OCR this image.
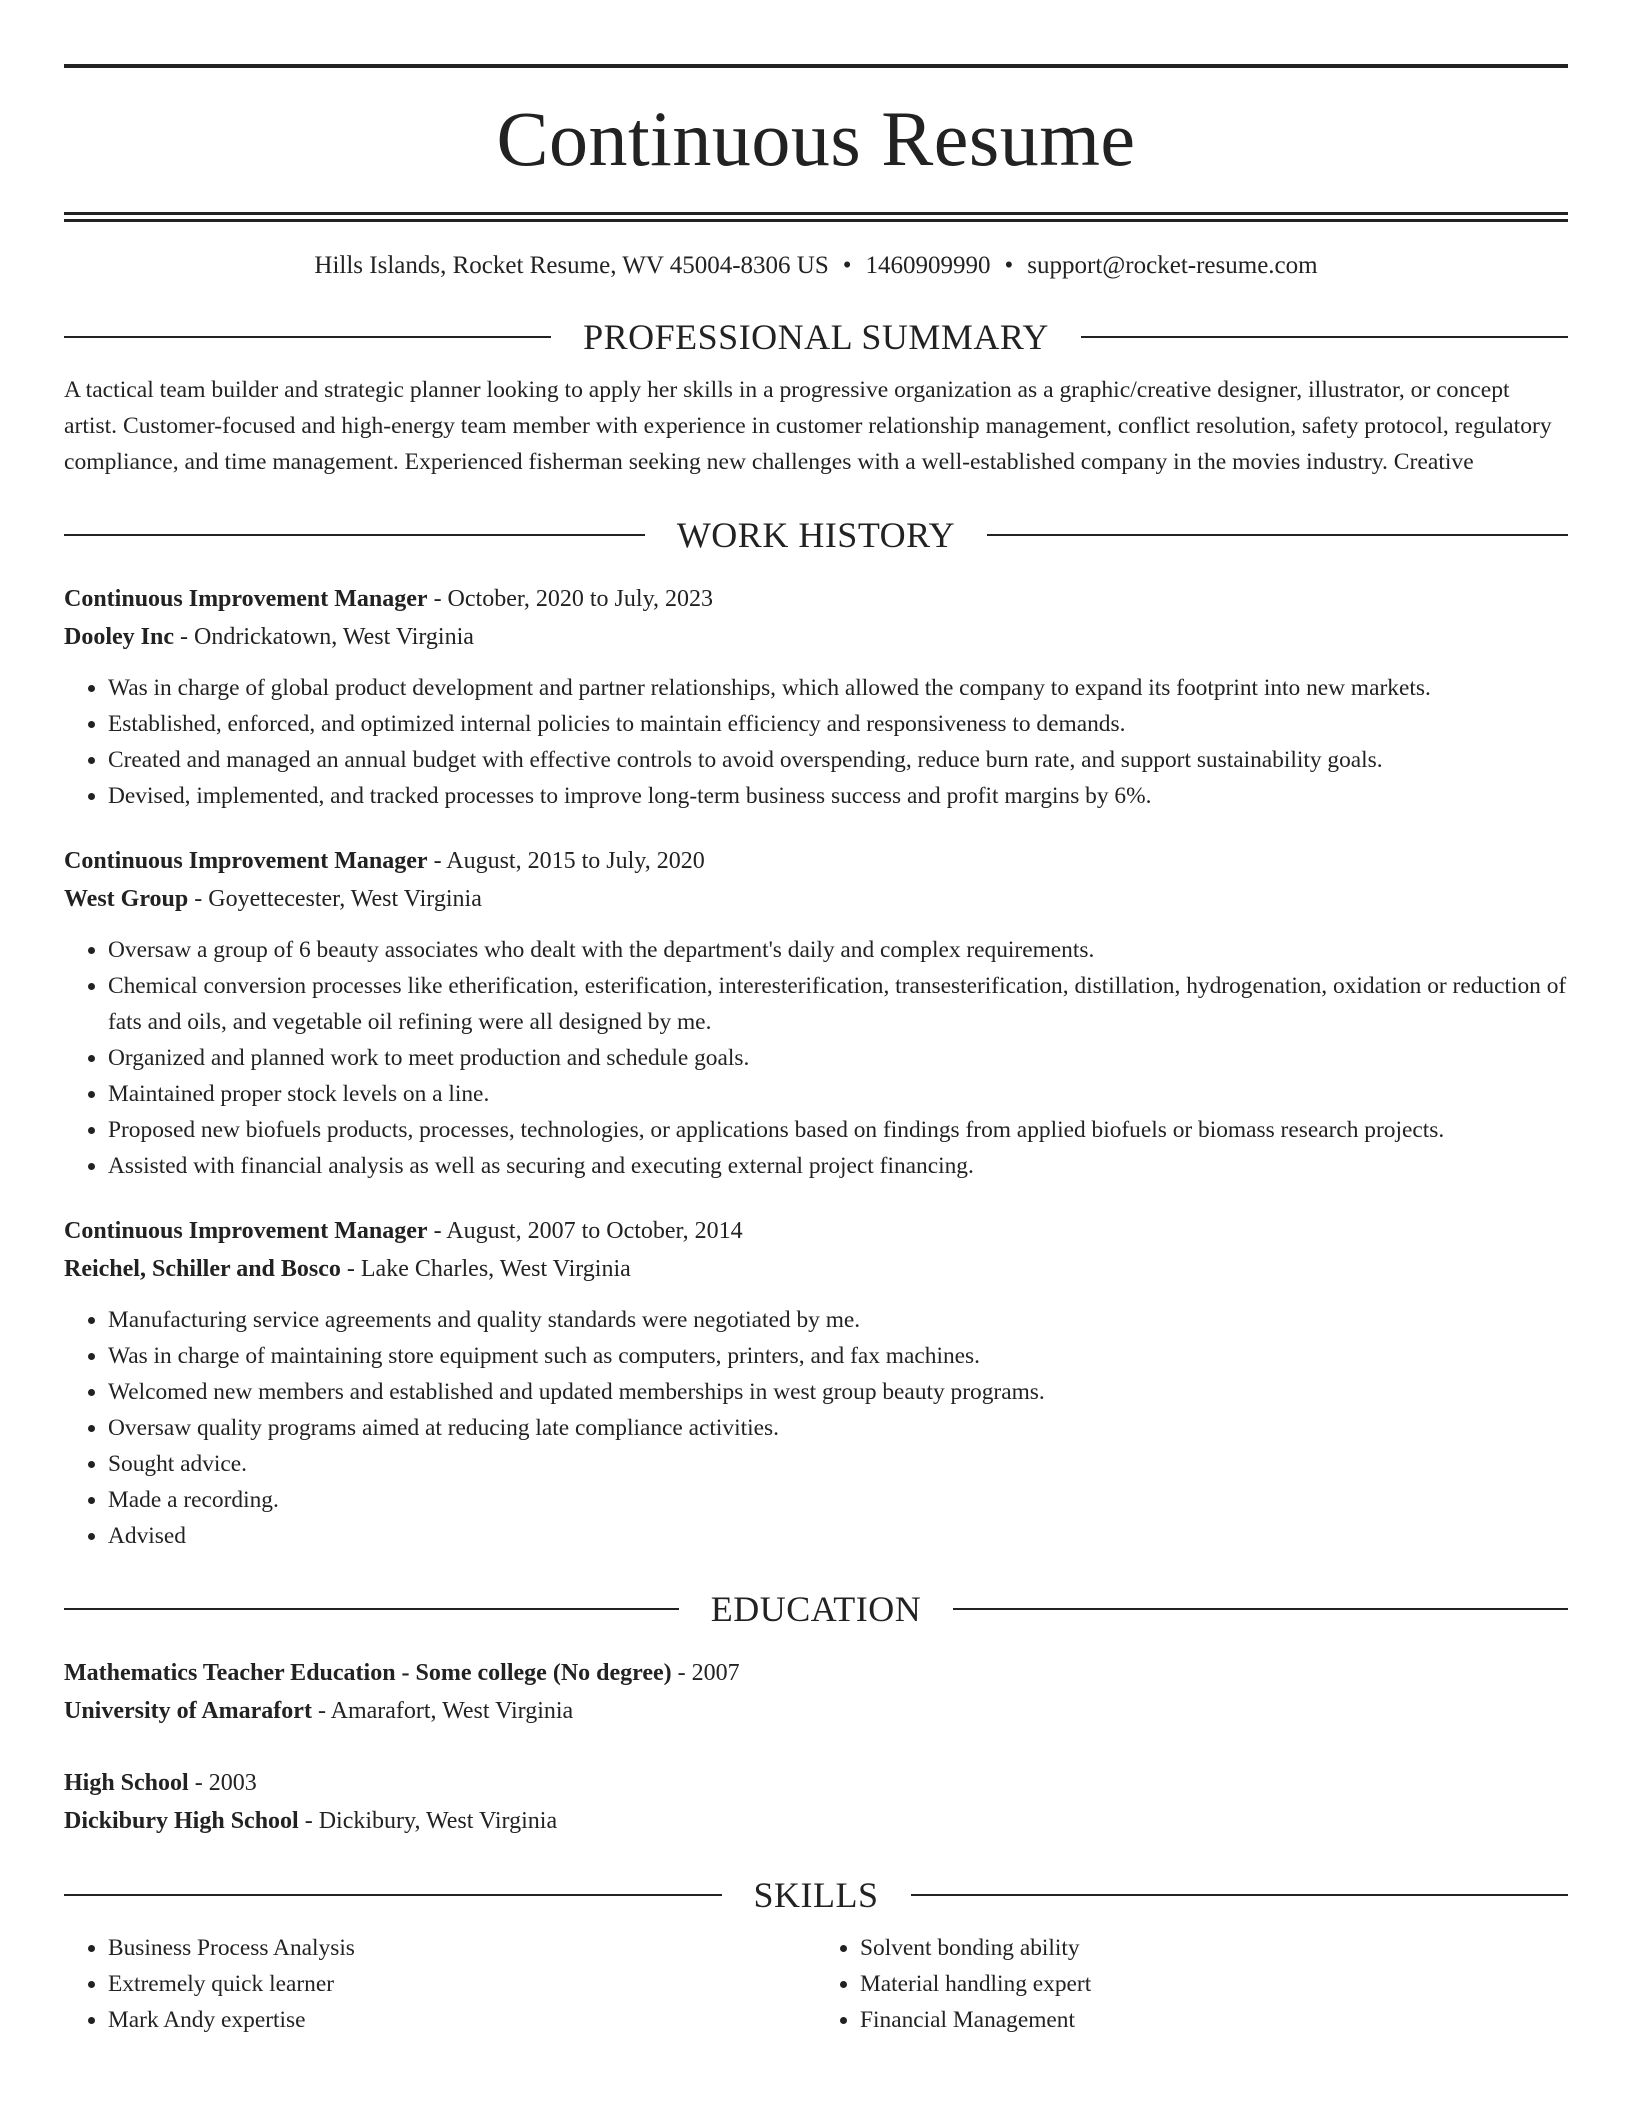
Continuous Resume
Hills Islands, Rocket Resume, WV 45004-8306 US • 1460909990 • support@rocket-resume.com
PROFESSIONAL SUMMARY
A tactical team builder and strategic planner looking to apply her skills in a progressive organization as a graphic/creative designer, illustrator, or concept artist. Customer-focused and high-energy team member with experience in customer relationship management, conflict resolution, safety protocol, regulatory compliance, and time management. Experienced fisherman seeking new challenges with a well-established company in the movies industry. Creative
WORK HISTORY
Continuous Improvement Manager - October, 2020 to July, 2023
Dooley Inc - Ondrickatown, West Virginia
• Was in charge of global product development and partner relationships, which allowed the company to expand its footprint into new markets.
• Established, enforced, and optimized internal policies to maintain efficiency and responsiveness to demands.
• Created and managed an annual budget with effective controls to avoid overspending, reduce burn rate, and support sustainability goals.
• Devised, implemented, and tracked processes to improve long-term business success and profit margins by 6%.
Continuous Improvement Manager - August, 2015 to July, 2020
West Group - Goyettecester, West Virginia
• Oversaw a group of 6 beauty associates who dealt with the department's daily and complex requirements.
• Chemical conversion processes like etherification, esterification, interesterification, transesterification, distillation, hydrogenation, oxidation or reduction of fats and oils, and vegetable oil refining were all designed by me.
• Organized and planned work to meet production and schedule goals.
• Maintained proper stock levels on a line.
• Proposed new biofuels products, processes, technologies, or applications based on findings from applied biofuels or biomass research projects.
• Assisted with financial analysis as well as securing and executing external project financing.
Continuous Improvement Manager - August, 2007 to October, 2014
Reichel, Schiller and Bosco - Lake Charles, West Virginia
• Manufacturing service agreements and quality standards were negotiated by me.
• Was in charge of maintaining store equipment such as computers, printers, and fax machines.
• Welcomed new members and established and updated memberships in west group beauty programs.
• Oversaw quality programs aimed at reducing late compliance activities.
• Sought advice.
• Made a recording.
• Advised
EDUCATION
Mathematics Teacher Education - Some college (No degree) - 2007
University of Amarafort - Amarafort, West Virginia
High School - 2003
Dickibury High School - Dickibury, West Virginia
SKILLS
• Business Process Analysis
• Extremely quick learner
• Mark Andy expertise
• Solvent bonding ability
• Material handling expert
• Financial Management
